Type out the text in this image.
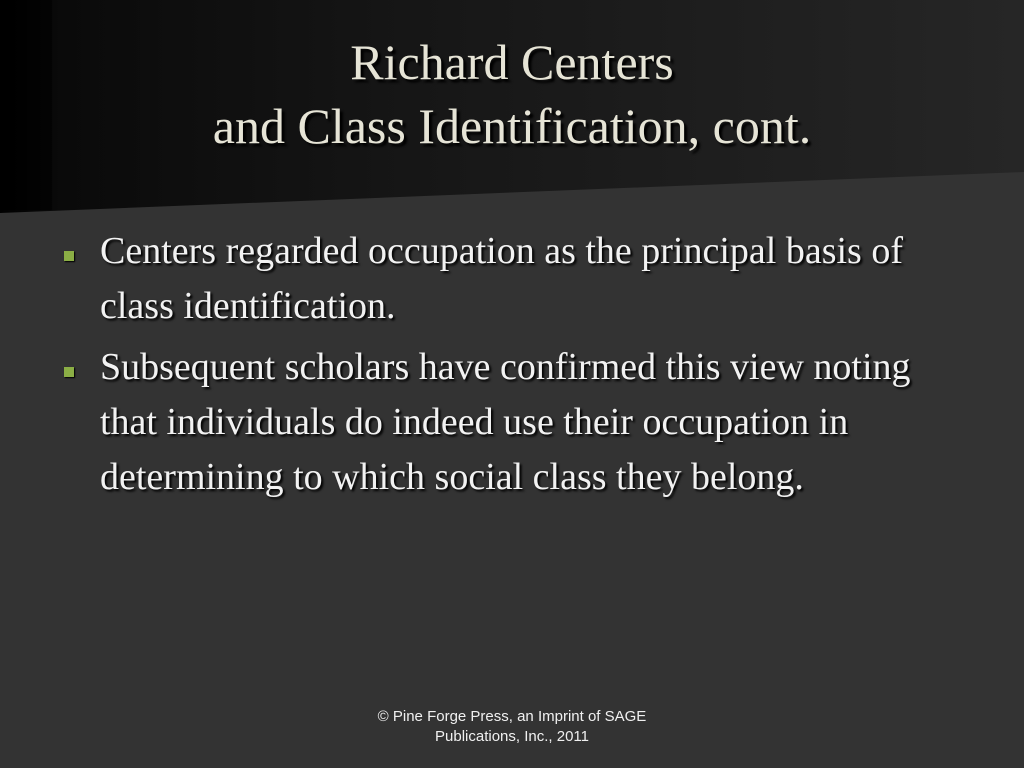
Richard Centers
and Class Identification, cont.
Centers regarded occupation as the principal basis of class identification.
Subsequent scholars have confirmed this view noting that individuals do indeed use their occupation in determining to which social class they belong.
© Pine Forge Press, an Imprint of SAGE
Publications, Inc., 2011
